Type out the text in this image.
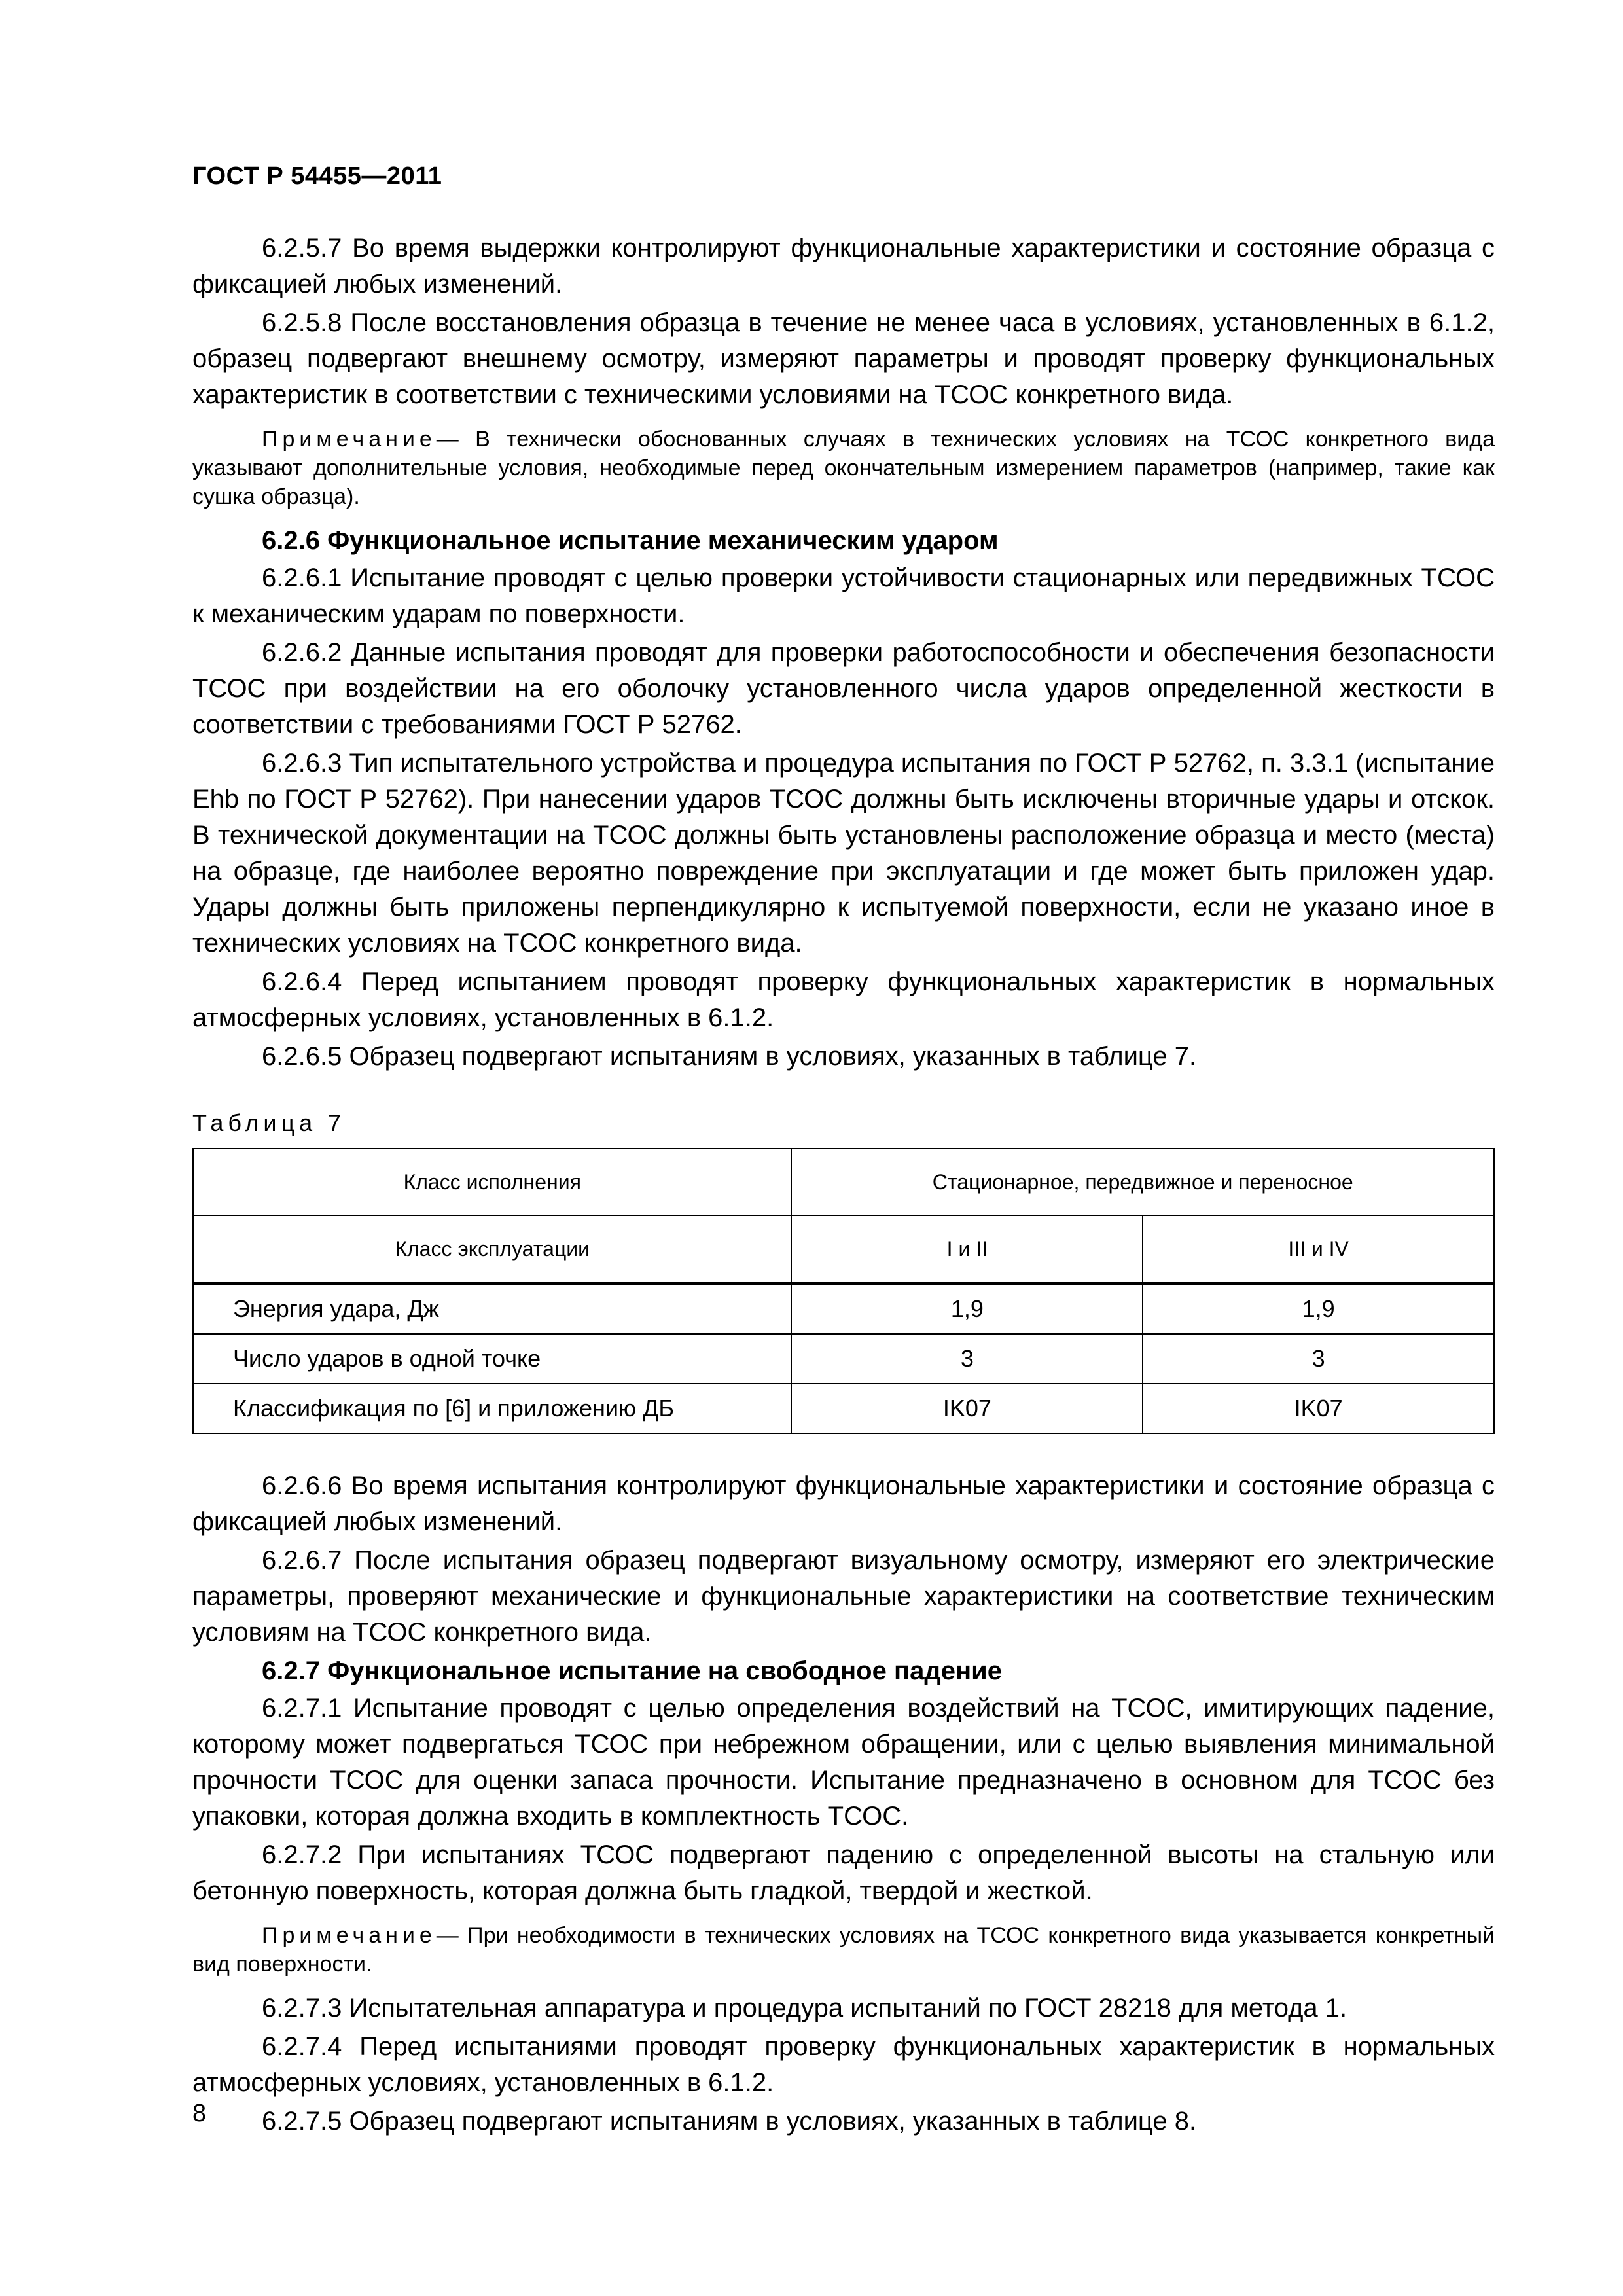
ГОСТ Р 54455—2011

6.2.5.7 Во время выдержки контролируют функциональные характеристики и состояние образца с фиксацией любых изменений.

6.2.5.8 После восстановления образца в течение не менее часа в условиях, установленных в 6.1.2, образец подвергают внешнему осмотру, измеряют параметры и проводят проверку функциональных характеристик в соответствии с техническими условиями на ТСОС конкретного вида.

Примечание— В технически обоснованных случаях в технических условиях на ТСОС конкретного вида указывают дополнительные условия, необходимые перед окончательным измерением параметров (например, такие как сушка образца).

6.2.6 Функциональное испытание механическим ударом

6.2.6.1 Испытание проводят с целью проверки устойчивости стационарных или передвижных ТСОС к механическим ударам по поверхности.

6.2.6.2 Данные испытания проводят для проверки работоспособности и обеспечения безопасности ТСОС при воздействии на его оболочку установленного числа ударов определенной жесткости в соответствии с требованиями ГОСТ Р 52762.

6.2.6.3 Тип испытательного устройства и процедура испытания по ГОСТ Р 52762, п. 3.3.1 (испытание Ehb по ГОСТ Р 52762). При нанесении ударов ТСОС должны быть исключены вторичные удары и отскок. В технической документации на ТСОС должны быть установлены расположение образца и место (места) на образце, где наиболее вероятно повреждение при эксплуатации и где может быть приложен удар. Удары должны быть приложены перпендикулярно к испытуемой поверхности, если не указано иное в технических условиях на ТСОС конкретного вида.

6.2.6.4 Перед испытанием проводят проверку функциональных характеристик в нормальных атмосферных условиях, установленных в 6.1.2.

6.2.6.5 Образец подвергают испытаниям в условиях, указанных в таблице 7.

Таблица 7
Класс исполнения	Стационарное, передвижное и переносное	
Класс эксплуатации	I и II	III и IV
Энергия удара, Дж	1,9	1,9
Число ударов в одной точке	3	3
Классификация по [6] и приложению ДБ	IK07	IK07

6.2.6.6 Во время испытания контролируют функциональные характеристики и состояние образца с фиксацией любых изменений.

6.2.6.7 После испытания образец подвергают визуальному осмотру, измеряют его электрические параметры, проверяют механические и функциональные характеристики на соответствие техническим условиям на ТСОС конкретного вида.

6.2.7 Функциональное испытание на свободное падение

6.2.7.1 Испытание проводят с целью определения воздействий на ТСОС, имитирующих падение, которому может подвергаться ТСОС при небрежном обращении, или с целью выявления минимальной прочности ТСОС для оценки запаса прочности. Испытание предназначено в основном для ТСОС без упаковки, которая должна входить в комплектность ТСОС.

6.2.7.2 При испытаниях ТСОС подвергают падению с определенной высоты на стальную или бетонную поверхность, которая должна быть гладкой, твердой и жесткой.

Примечание— При необходимости в технических условиях на ТСОС конкретного вида указывается конкретный вид поверхности.

6.2.7.3 Испытательная аппаратура и процедура испытаний по ГОСТ 28218 для метода 1.

6.2.7.4 Перед испытаниями проводят проверку функциональных характеристик в нормальных атмосферных условиях, установленных в 6.1.2.

6.2.7.5 Образец подвергают испытаниям в условиях, указанных в таблице 8.

8
